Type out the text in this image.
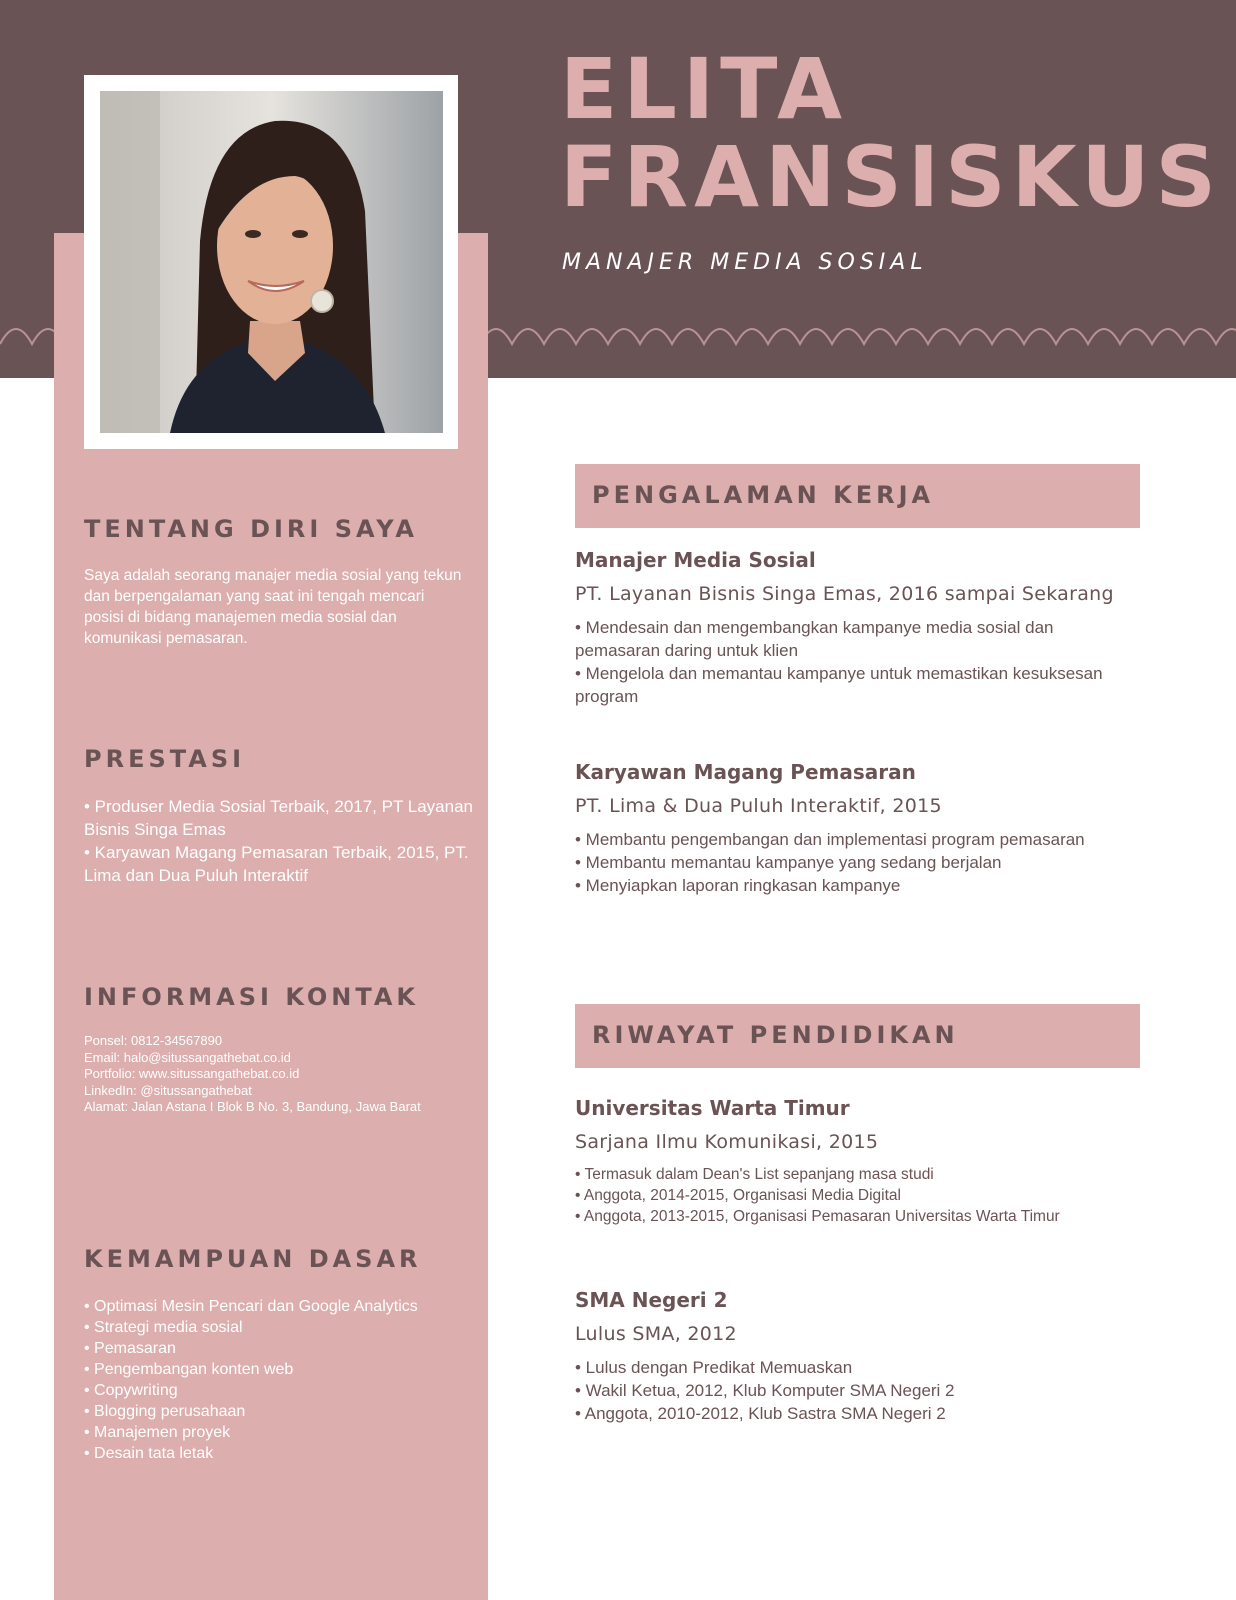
ELITA
FRANSISKUS
MANAJER MEDIA SOSIAL
TENTANG DIRI SAYA
Saya adalah seorang manajer media sosial yang tekun dan berpengalaman yang saat ini tengah mencari posisi di bidang manajemen media sosial dan komunikasi pemasaran.
PRESTASI
• Produser Media Sosial Terbaik, 2017, PT Layanan Bisnis Singa Emas
• Karyawan Magang Pemasaran Terbaik, 2015, PT. Lima dan Dua Puluh Interaktif
INFORMASI KONTAK
Ponsel: 0812-34567890
Email: halo@situssangathebat.co.id
Portfolio: www.situssangathebat.co.id
LinkedIn: @situssangathebat
Alamat: Jalan Astana I Blok B No. 3, Bandung, Jawa Barat
KEMAMPUAN DASAR
• Optimasi Mesin Pencari dan Google Analytics
• Strategi media sosial
• Pemasaran
• Pengembangan konten web
• Copywriting
• Blogging perusahaan
• Manajemen proyek
• Desain tata letak
PENGALAMAN KERJA
Manajer Media Sosial
PT. Layanan Bisnis Singa Emas, 2016 sampai Sekarang
• Mendesain dan mengembangkan kampanye media sosial dan pemasaran daring untuk klien
• Mengelola dan memantau kampanye untuk memastikan kesuksesan program
Karyawan Magang Pemasaran
PT. Lima & Dua Puluh Interaktif, 2015
• Membantu pengembangan dan implementasi program pemasaran
• Membantu memantau kampanye yang sedang berjalan
• Menyiapkan laporan ringkasan kampanye
RIWAYAT PENDIDIKAN
Universitas Warta Timur
Sarjana Ilmu Komunikasi, 2015
• Termasuk dalam Dean's List sepanjang masa studi
• Anggota, 2014-2015, Organisasi Media Digital
• Anggota, 2013-2015, Organisasi Pemasaran Universitas Warta Timur
SMA Negeri 2
Lulus SMA, 2012
• Lulus dengan Predikat Memuaskan
• Wakil Ketua, 2012, Klub Komputer SMA Negeri 2
• Anggota, 2010-2012, Klub Sastra SMA Negeri 2
